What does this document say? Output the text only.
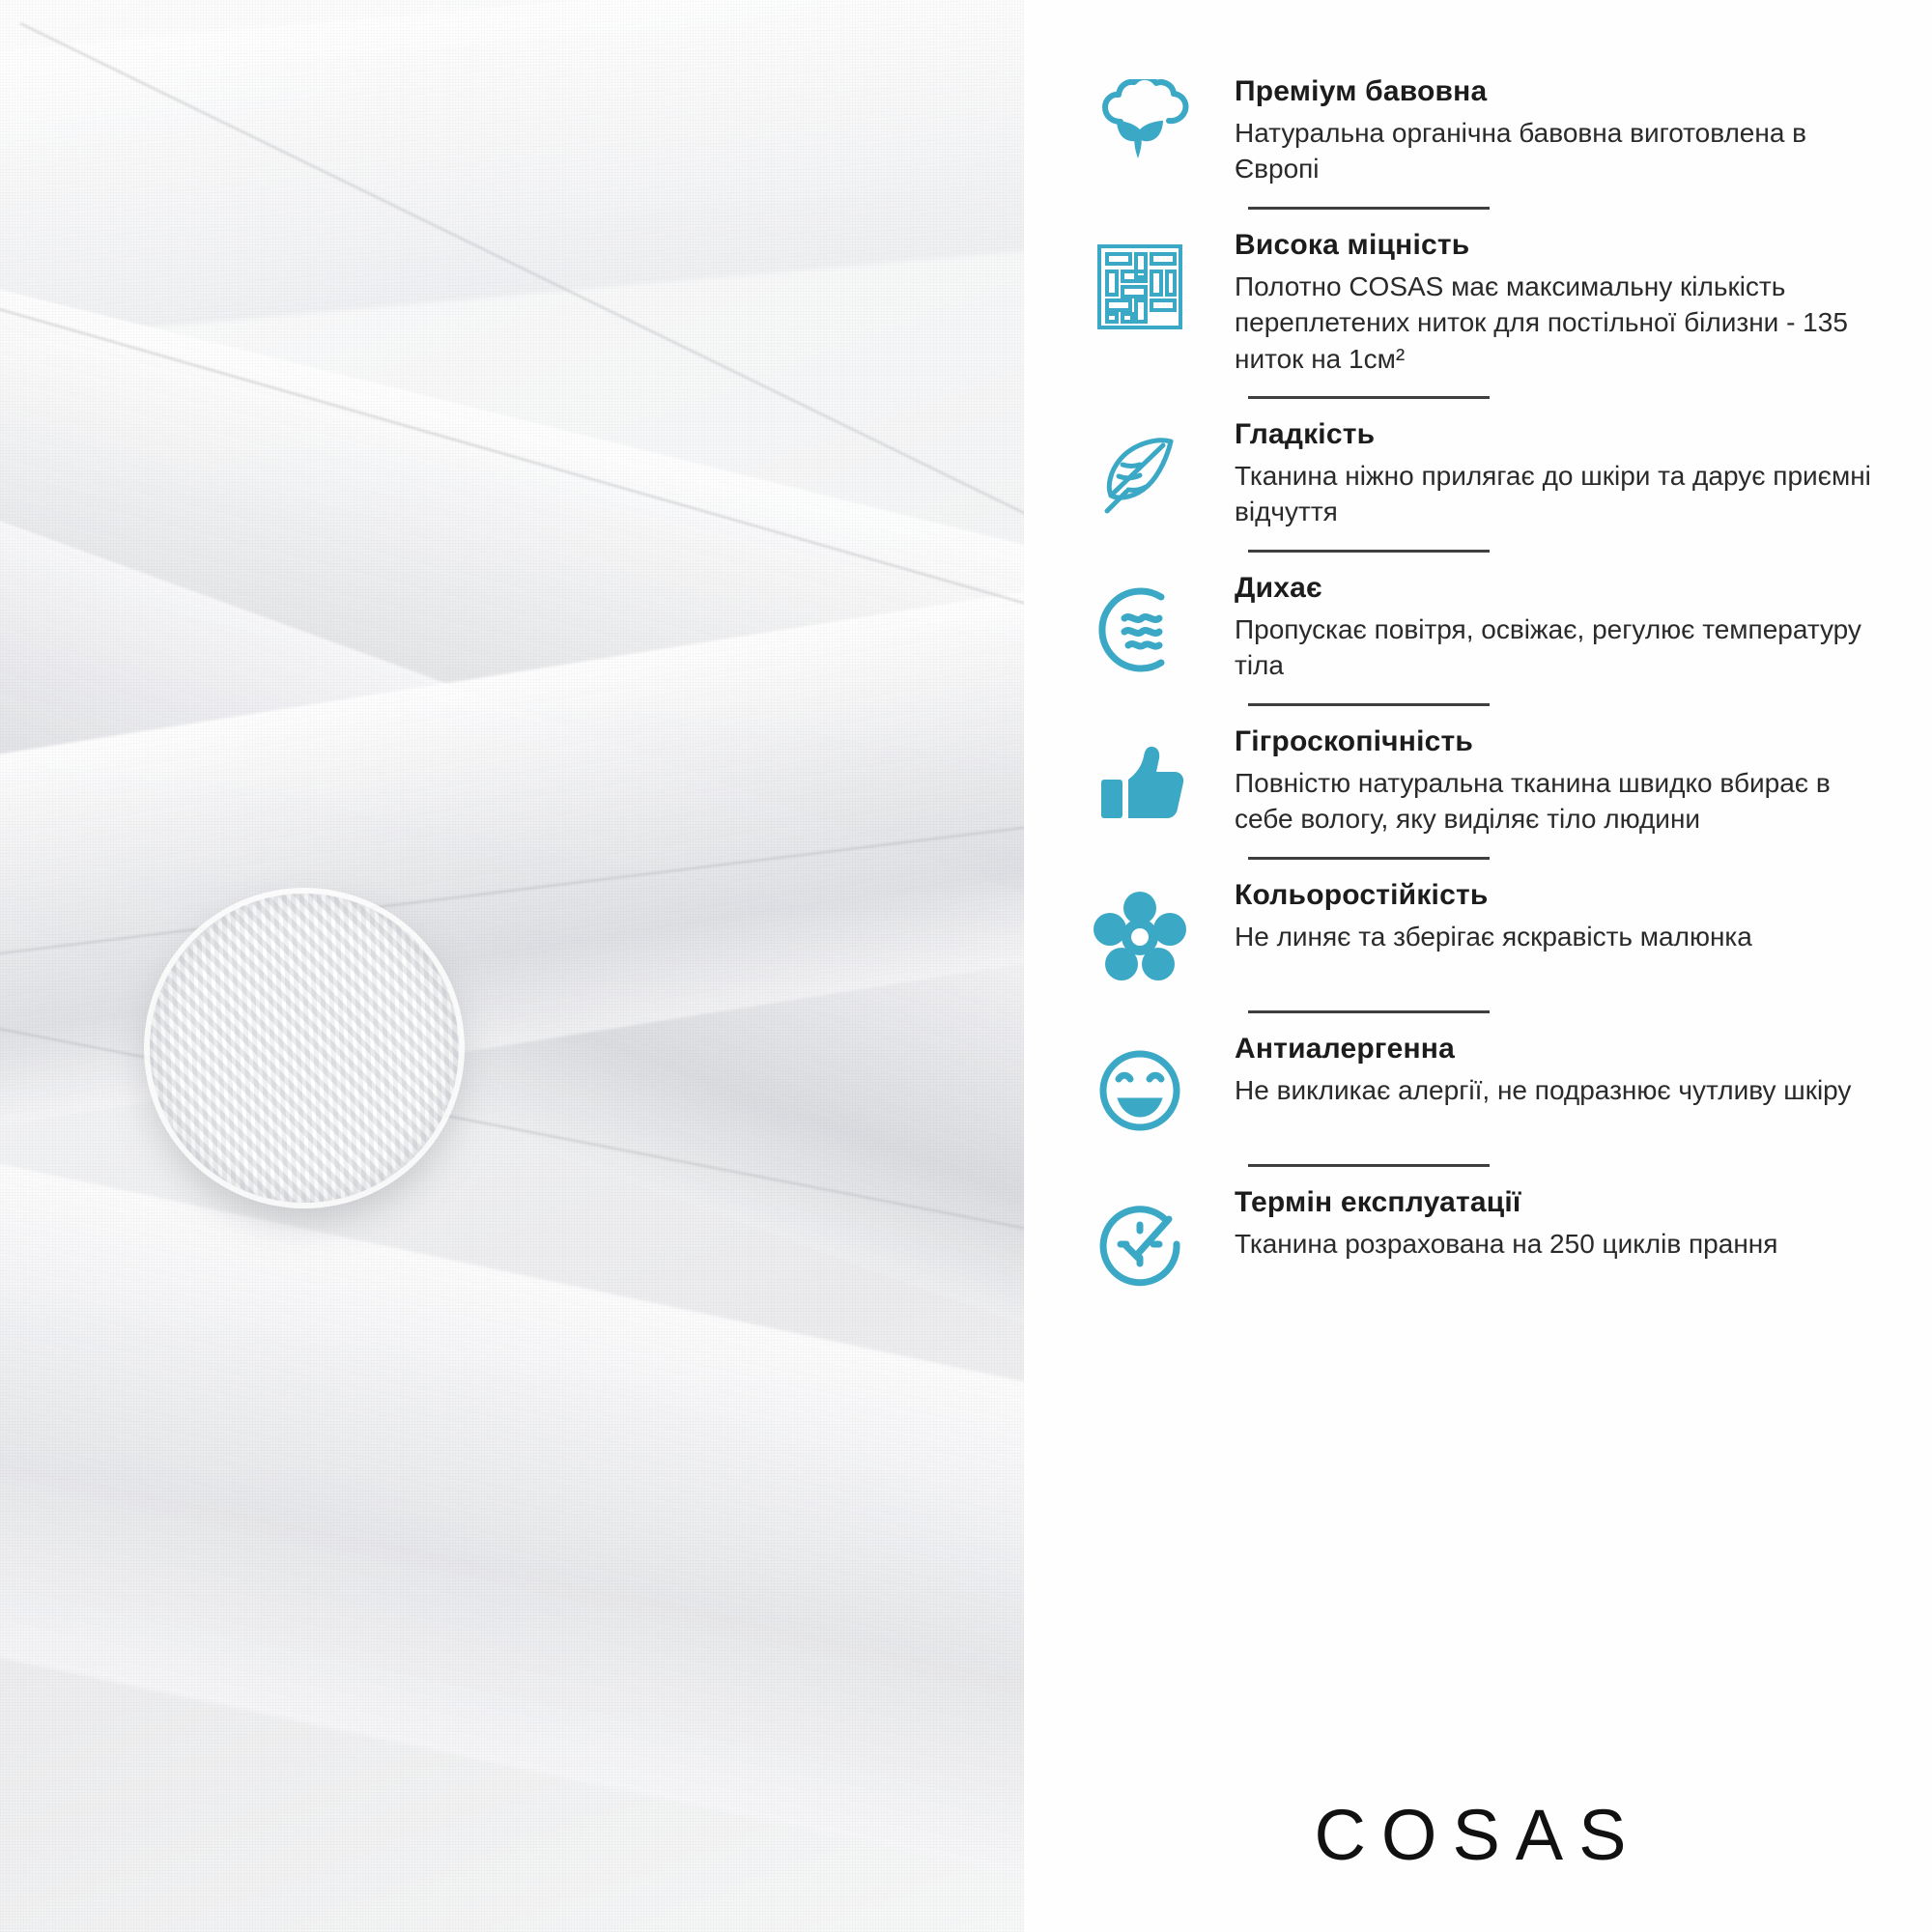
Преміум бавовна
Натуральна органічна бавовна виготовлена в Європі
Висока міцність
Полотно COSAS має максимальну кількість переплетених ниток для постільної білизни - 135 ниток на 1см²
Гладкість
Тканина ніжно прилягає до шкіри та дарує приємні відчуття
Дихає
Пропускає повітря, освіжає, регулює температуру тіла
Гігроскопічність
Повністю натуральна тканина швидко вбирає в себе вологу, яку виділяє тіло людини
Кольоростійкість
Не линяє та зберігає яскравість малюнка
Антиалергенна
Не викликає алергії, не подразнює чутливу шкіру
Термін експлуатації
Тканина розрахована на 250 циклів прання
COSAS
